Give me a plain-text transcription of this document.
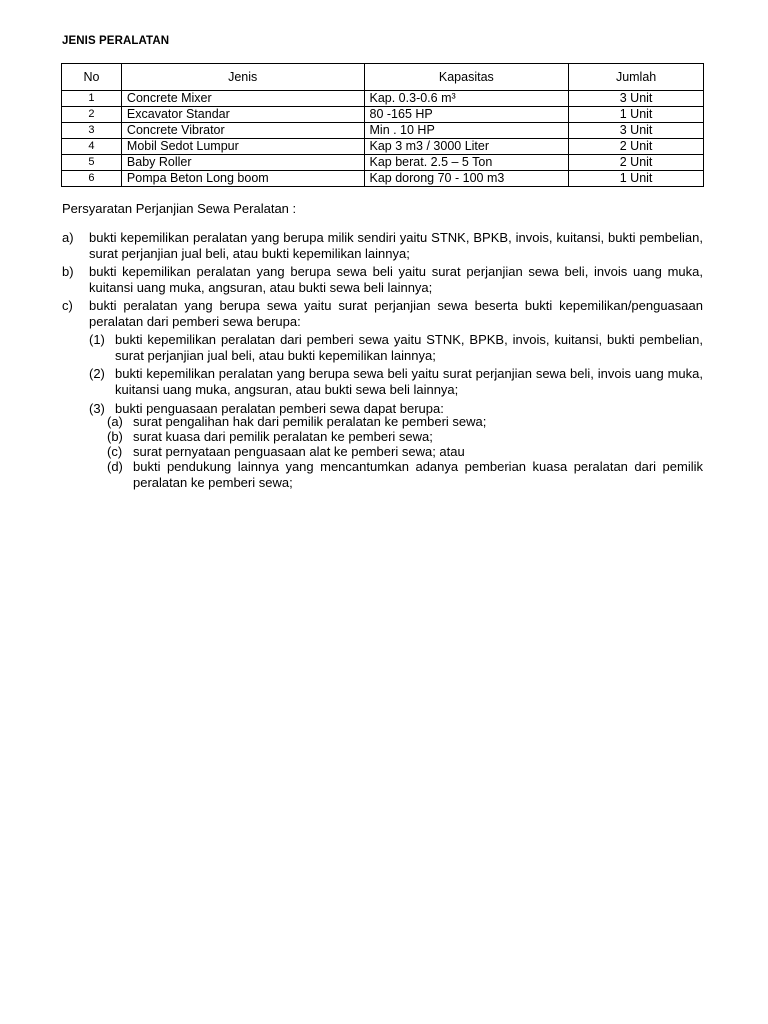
JENIS PERALATAN
No	Jenis	Kapasitas	Jumlah
1	Concrete Mixer	Kap. 0.3-0.6 m³	3 Unit
2	Excavator Standar	80 -165 HP	1 Unit
3	Concrete Vibrator	Min . 10 HP	3 Unit
4	Mobil Sedot Lumpur	Kap 3 m3 / 3000 Liter	2 Unit
5	Baby Roller	Kap berat. 2.5 – 5 Ton	2 Unit
6	Pompa Beton Long boom	Kap dorong 70 - 100 m3	1 Unit
Persyaratan Perjanjian Sewa Peralatan :
a)	bukti kepemilikan peralatan yang berupa milik sendiri yaitu STNK, BPKB, invois, kuitansi, bukti pembelian, surat perjanjian jual beli, atau bukti kepemilikan lainnya;
b)	bukti kepemilikan peralatan yang berupa sewa beli yaitu surat perjanjian sewa beli, invois uang muka, kuitansi uang muka, angsuran, atau bukti sewa beli lainnya;
c)	bukti peralatan yang berupa sewa yaitu surat perjanjian sewa beserta bukti kepemilikan/penguasaan peralatan dari pemberi sewa berupa:
(1) bukti kepemilikan peralatan dari pemberi sewa yaitu STNK, BPKB, invois, kuitansi, bukti pembelian, surat perjanjian jual beli, atau bukti kepemilikan lainnya;
(2) bukti kepemilikan peralatan yang berupa sewa beli yaitu surat perjanjian sewa beli, invois uang muka, kuitansi uang muka, angsuran, atau bukti sewa beli lainnya;
(3) bukti penguasaan peralatan pemberi sewa dapat berupa:
(a) surat pengalihan hak dari pemilik peralatan ke pemberi sewa;
(b) surat kuasa dari pemilik peralatan ke pemberi sewa;
(c) surat pernyataan penguasaan alat ke pemberi sewa; atau
(d) bukti pendukung lainnya yang mencantumkan adanya pemberian kuasa peralatan dari pemilik peralatan ke pemberi sewa;
